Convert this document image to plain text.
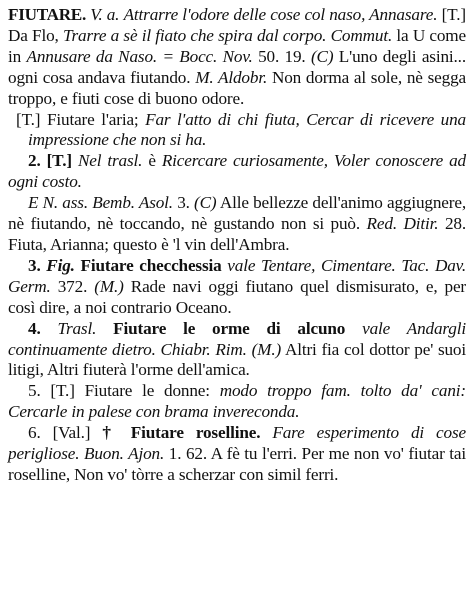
FIUTARE. V. a. Attrarre l'odore delle cose col naso, Annasare. [T.] Da Flo, Trarre a sè il fiato che spira dal corpo. Commut. la U come in Annusare da Naso. = Bocc. Nov. 50. 19. (C) L'uno degli asini... ogni cosa andava fiutando. M. Aldobr. Non dorma al sole, nè segga troppo, e fiuti cose di buono odore.

[T.] Fiutare l'aria; Far l'atto di chi fiuta, Cercar di ricevere una impressione che non si ha.

2. [T.] Nel trasl. è Ricercare curiosamente, Voler conoscere ad ogni costo.

E N. ass. Bemb. Asol. 3. (C) Alle bellezze dell'animo aggiugnere, nè fiutando, nè toccando, nè gustando non si può. Red. Ditir. 28. Fiuta, Arianna; questo è 'l vin dell'Ambra.

3. Fig. Fiutare checchessia vale Tentare, Cimentare. Tac. Dav. Germ. 372. (M.) Rade navi oggi fiutano quel dismisurato, e, per così dire, a noi contrario Oceano.

4. Trasl. Fiutare le orme di alcuno vale Andargli continuamente dietro. Chiabr. Rim. (M.) Altri fia col dottor pe' suoi litigi, Altri fiuterà l'orme dell'amica.

5. [T.] Fiutare le donne: modo troppo fam. tolto da' cani: Cercarle in palese con brama invereconda.

6. [Val.] † Fiutare roselline. Fare esperimento di cose perigliose. Buon. Ajon. 1. 62. A fè tu l'erri. Per me non vo' fiutar tai roselline, Non vo' tòrre a scherzar con simil ferri.
